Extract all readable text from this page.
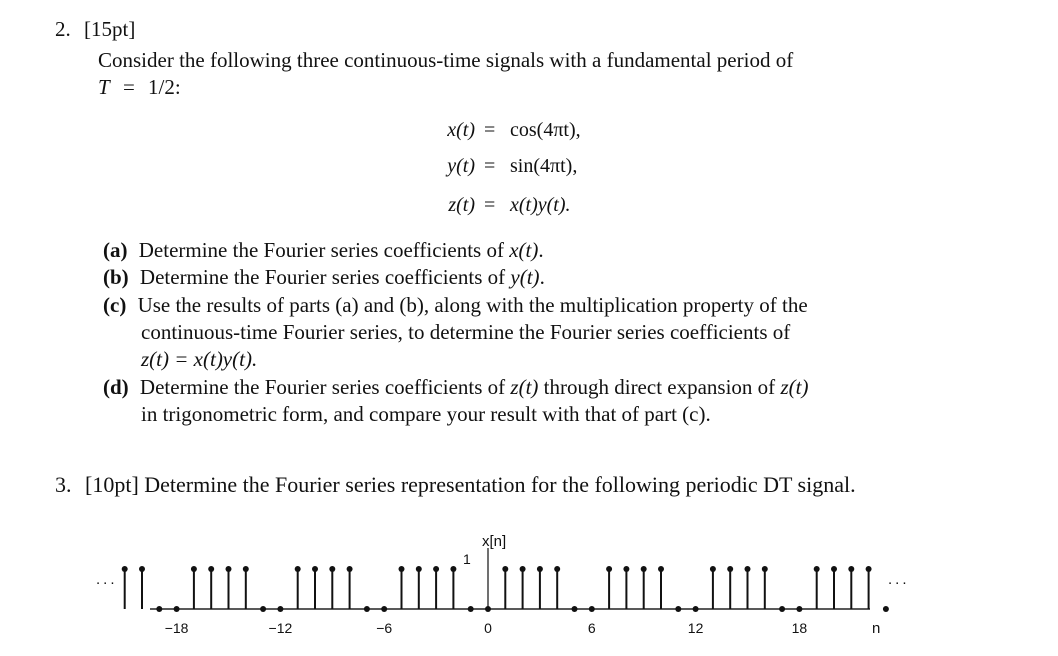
2. [15pt]
Consider the following three continuous-time signals with a fundamental period of
T = 1/2:
x(t) = cos(4πt),
y(t) = sin(4πt),
z(t) = x(t)y(t).
(a) Determine the Fourier series coefficients of x(t).
(b) Determine the Fourier series coefficients of y(t).
(c) Use the results of parts (a) and (b), along with the multiplication property of the
continuous-time Fourier series, to determine the Fourier series coefficients of
z(t) = x(t)y(t).
(d) Determine the Fourier series coefficients of z(t) through direct expansion of z(t)
in trigonometric form, and compare your result with that of part (c).
3. [10pt] Determine the Fourier series representation for the following periodic DT signal.
x[n]
1
n
...	...
−18	−12	−6	0	6	12	18
